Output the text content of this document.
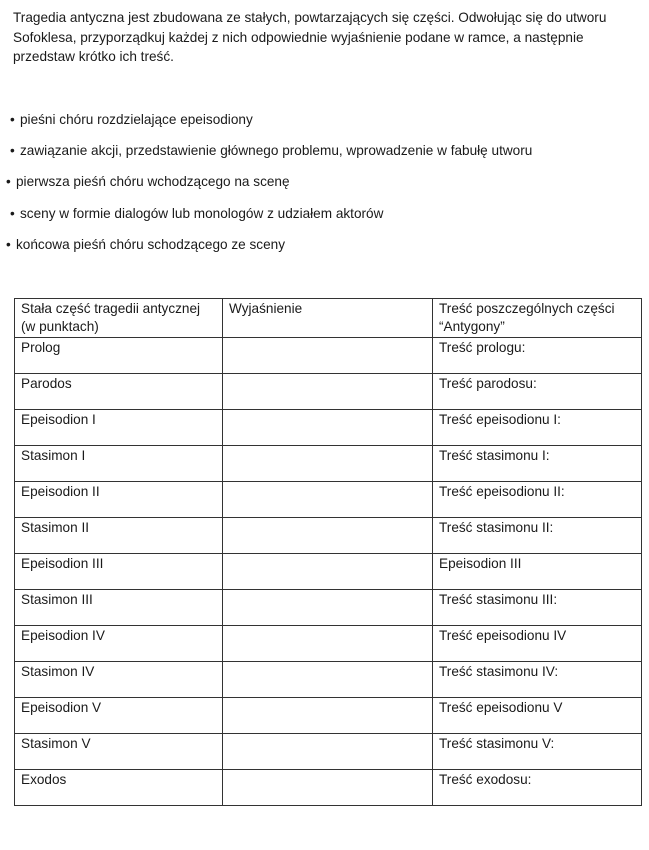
Tragedia antyczna jest zbudowana ze stałych, powtarzających się części. Odwołując się do utworu Sofoklesa, przyporządkuj każdej z nich odpowiednie wyjaśnienie podane w ramce, a następnie przedstaw krótko ich treść.

• pieśni chóru rozdzielające epeisodiony
• zawiązanie akcji, przedstawienie głównego problemu, wprowadzenie w fabułę utworu
• pierwsza pieśń chóru wchodzącego na scenę
• sceny w formie dialogów lub monologów z udziałem aktorów
• końcowa pieśń chóru schodzącego ze sceny
Stała część tragedii antycznej
(w punktach)	Wyjaśnienie	Treść poszczególnych części
“Antygony”
Prolog		Treść prologu:
Parodos		Treść parodosu:
Epeisodion I		Treść epeisodionu I:
Stasimon I		Treść stasimonu I:
Epeisodion II		Treść epeisodionu II:
Stasimon II		Treść stasimonu II:
Epeisodion III		Epeisodion III
Stasimon III		Treść stasimonu III:
Epeisodion IV		Treść epeisodionu IV
Stasimon IV		Treść stasimonu IV:
Epeisodion V		Treść epeisodionu V
Stasimon V		Treść stasimonu V:
Exodos		Treść exodosu:
